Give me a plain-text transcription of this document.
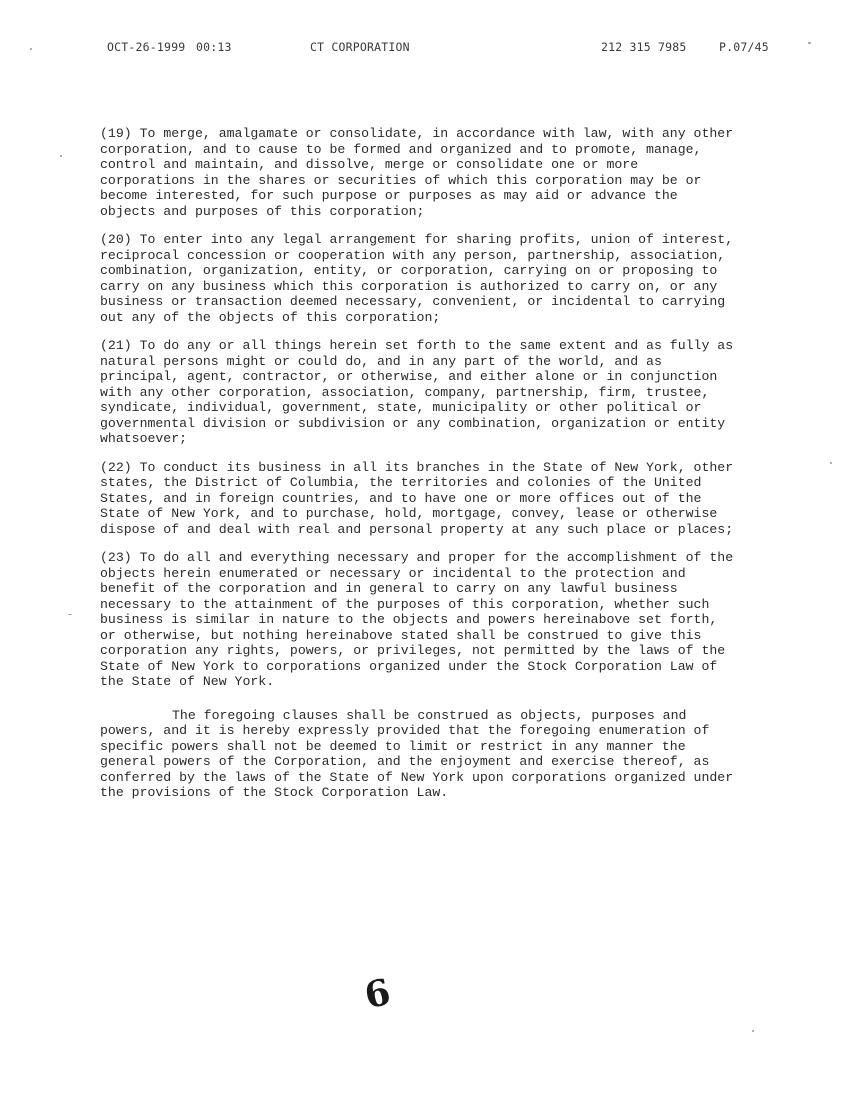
OCT-26-1999 00:13	CT CORPORATION	212 315 7985	P.07/45

(19) To merge, amalgamate or consolidate, in accordance with law, with any other corporation, and to cause to be formed and organized and to promote, manage, control and maintain, and dissolve, merge or consolidate one or more corporations in the shares or securities of which this corporation may be or become interested, for such purpose or purposes as may aid or advance the objects and purposes of this corporation;

(20) To enter into any legal arrangement for sharing profits, union of interest, reciprocal concession or cooperation with any person, partnership, association, combination, organization, entity, or corporation, carrying on or proposing to carry on any business which this corporation is authorized to carry on, or any business or transaction deemed necessary, convenient, or incidental to carrying out any of the objects of this corporation;

(21) To do any or all things herein set forth to the same extent and as fully as natural persons might or could do, and in any part of the world, and as principal, agent, contractor, or otherwise, and either alone or in conjunction with any other corporation, association, company, partnership, firm, trustee, syndicate, individual, government, state, municipality or other political or governmental division or subdivision or any combination, organization or entity whatsoever;

(22) To conduct its business in all its branches in the State of New York, other states, the District of Columbia, the territories and colonies of the United States, and in foreign countries, and to have one or more offices out of the State of New York, and to purchase, hold, mortgage, convey, lease or otherwise dispose of and deal with real and personal property at any such place or places;

(23) To do all and everything necessary and proper for the accomplishment of the objects herein enumerated or necessary or incidental to the protection and benefit of the corporation and in general to carry on any lawful business necessary to the attainment of the purposes of this corporation, whether such business is similar in nature to the objects and powers hereinabove set forth, or otherwise, but nothing hereinabove stated shall be construed to give this corporation any rights, powers, or privileges, not permitted by the laws of the State of New York to corporations organized under the Stock Corporation Law of the State of New York.

The foregoing clauses shall be construed as objects, purposes and powers, and it is hereby expressly provided that the foregoing enumeration of specific powers shall not be deemed to limit or restrict in any manner the general powers of the Corporation, and the enjoyment and exercise thereof, as conferred by the laws of the State of New York upon corporations organized under the provisions of the Stock Corporation Law.

6
